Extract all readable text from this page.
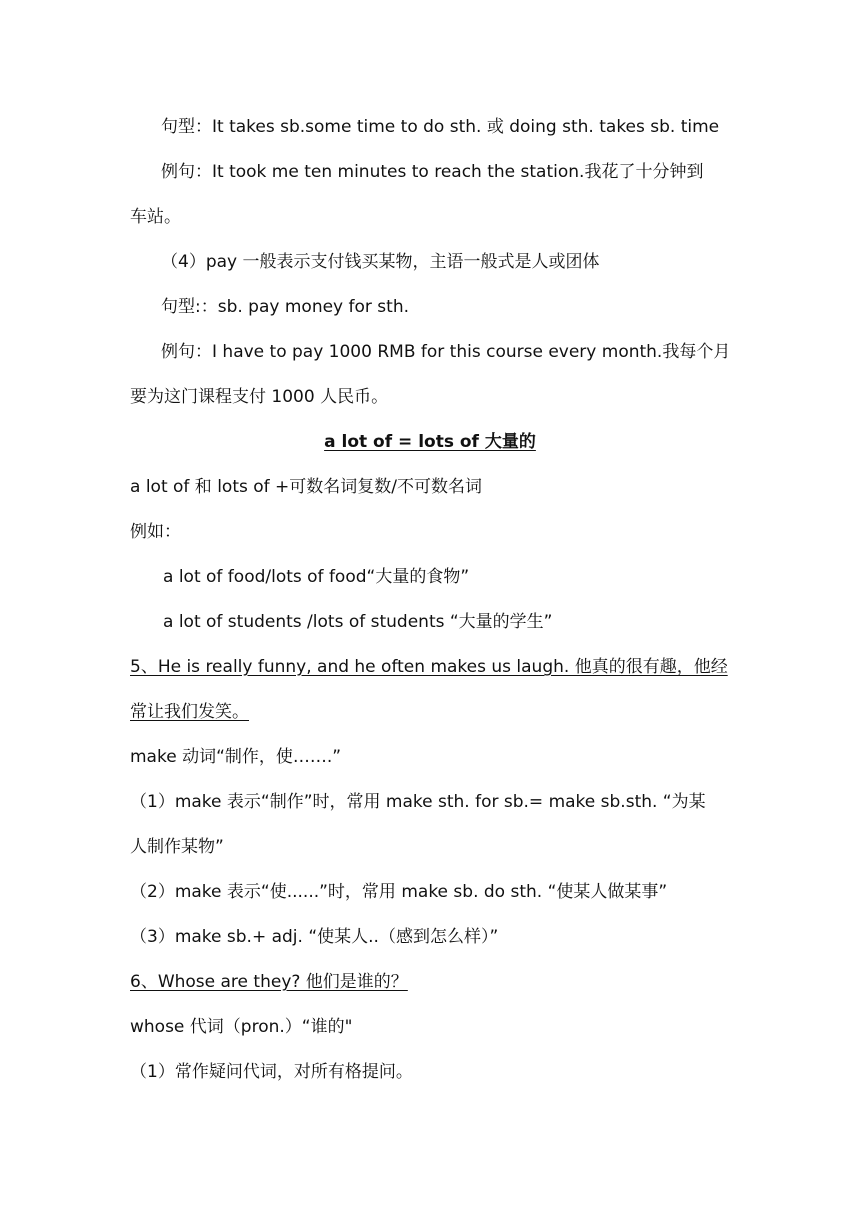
句型：It takes sb.some time to do sth. 或 doing sth. takes sb. time
例句：It took me ten minutes to reach the station.我花了十分钟到
车站。
（4）pay 一般表示支付钱买某物，主语一般式是人或团体
句型:：sb. pay money for sth.
例句：I have to pay 1000 RMB for this course every month.我每个月
要为这门课程支付 1000 人民币。
a lot of = lots of 大量的
a lot of 和 lots of +可数名词复数/不可数名词
例如：
a lot of food/lots of food“大量的食物”
a lot of students /lots of students “大量的学生”
5、He is really funny, and he often makes us laugh. 他真的很有趣，他经
常让我们发笑。
make 动词“制作，使…….”
（1）make 表示“制作”时，常用 make sth. for sb.= make sb.sth. “为某
人制作某物”
（2）make 表示“使......”时，常用 make sb. do sth. “使某人做某事”
（3）make sb.+ adj. “使某人..（感到怎么样）”
6、Whose are they? 他们是谁的？
whose 代词（pron.）“谁的"
（1）常作疑问代词，对所有格提问。
